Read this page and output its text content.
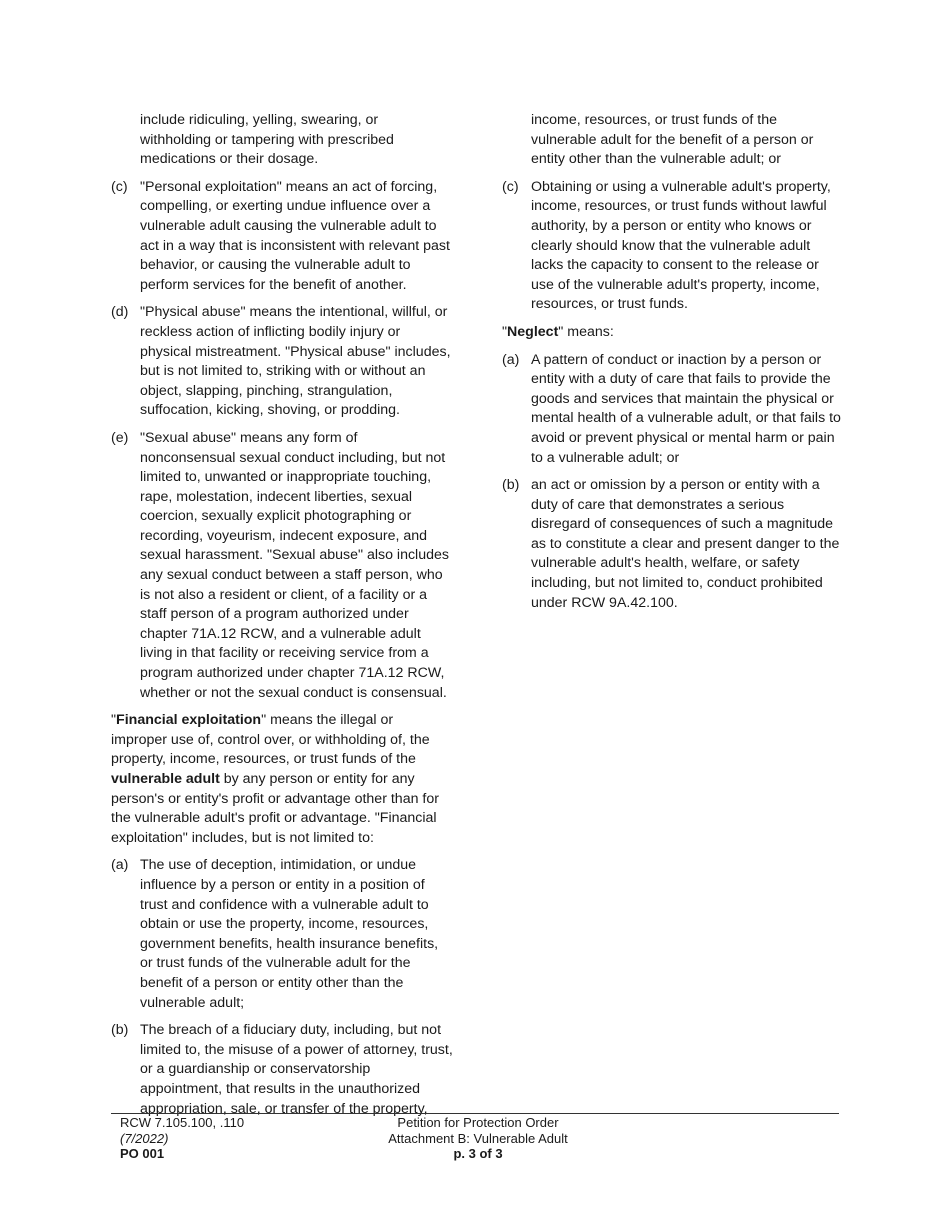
include ridiculing, yelling, swearing, or withholding or tampering with prescribed medications or their dosage.

(c) "Personal exploitation" means an act of forcing, compelling, or exerting undue influence over a vulnerable adult causing the vulnerable adult to act in a way that is inconsistent with relevant past behavior, or causing the vulnerable adult to perform services for the benefit of another.
(d) "Physical abuse" means the intentional, willful, or reckless action of inflicting bodily injury or physical mistreatment. "Physical abuse" includes, but is not limited to, striking with or without an object, slapping, pinching, strangulation, suffocation, kicking, shoving, or prodding.
(e) "Sexual abuse" means any form of nonconsensual sexual conduct including, but not limited to, unwanted or inappropriate touching, rape, molestation, indecent liberties, sexual coercion, sexually explicit photographing or recording, voyeurism, indecent exposure, and sexual harassment. "Sexual abuse" also includes any sexual conduct between a staff person, who is not also a resident or client, of a facility or a staff person of a program authorized under chapter 71A.12 RCW, and a vulnerable adult living in that facility or receiving service from a program authorized under chapter 71A.12 RCW, whether or not the sexual conduct is consensual.

"Financial exploitation" means the illegal or improper use of, control over, or withholding of, the property, income, resources, or trust funds of the vulnerable adult by any person or entity for any person's or entity's profit or advantage other than for the vulnerable adult's profit or advantage. "Financial exploitation" includes, but is not limited to:

(a) The use of deception, intimidation, or undue influence by a person or entity in a position of trust and confidence with a vulnerable adult to obtain or use the property, income, resources, government benefits, health insurance benefits, or trust funds of the vulnerable adult for the benefit of a person or entity other than the vulnerable adult;
(b) The breach of a fiduciary duty, including, but not limited to, the misuse of a power of attorney, trust, or a guardianship or conservatorship appointment, that results in the unauthorized appropriation, sale, or transfer of the property,

income, resources, or trust funds of the vulnerable adult for the benefit of a person or entity other than the vulnerable adult; or

(c) Obtaining or using a vulnerable adult's property, income, resources, or trust funds without lawful authority, by a person or entity who knows or clearly should know that the vulnerable adult lacks the capacity to consent to the release or use of the vulnerable adult's property, income, resources, or trust funds.

"Neglect" means:

(a) A pattern of conduct or inaction by a person or entity with a duty of care that fails to provide the goods and services that maintain the physical or mental health of a vulnerable adult, or that fails to avoid or prevent physical or mental harm or pain to a vulnerable adult; or
(b) an act or omission by a person or entity with a duty of care that demonstrates a serious disregard of consequences of such a magnitude as to constitute a clear and present danger to the vulnerable adult's health, welfare, or safety including, but not limited to, conduct prohibited under RCW 9A.42.100.
RCW 7.105.100, .110
(7/2022)
PO 001
Petition for Protection Order
Attachment B: Vulnerable Adult
p. 3 of 3
